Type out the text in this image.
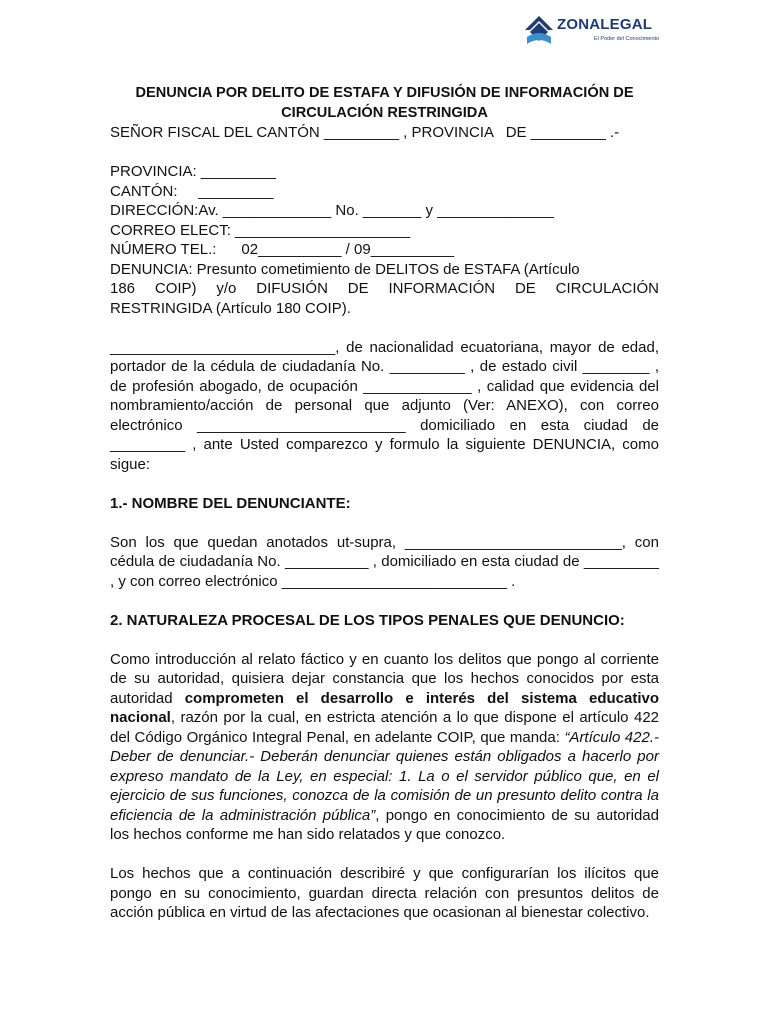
ZONALEGAL
El Poder del Conocimiento
DENUNCIA POR DELITO DE ESTAFA Y DIFUSIÓN DE INFORMACIÓN DE
CIRCULACIÓN RESTRINGIDA
SEÑOR FISCAL DEL CANTÓN _________ , PROVINCIA   DE _________ .-
PROVINCIA: _________
CANTÓN:     _________
DIRECCIÓN:Av. _____________ No. _______ y ______________
CORREO ELECT: _____________________
NÚMERO TEL.:      02__________ / 09__________
DENUNCIA: Presunto cometimiento de DELITOS de ESTAFA (Artículo
186 COIP) y/o DIFUSIÓN DE INFORMACIÓN DE CIRCULACIÓN
RESTRINGIDA (Artículo 180 COIP).

___________________________, de nacionalidad ecuatoriana, mayor de edad, portador de la cédula de ciudadanía No. _________ , de estado civil ________ , de profesión abogado, de ocupación _____________ , calidad que evidencia del nombramiento/acción de personal que adjunto (Ver: ANEXO), con correo electrónico _________________________ domiciliado en esta ciudad de _________ , ante Usted comparezco y formulo la siguiente DENUNCIA, como sigue:

1.- NOMBRE DEL DENUNCIANTE:

Son los que quedan anotados ut-supra, __________________________, con cédula de ciudadanía No. __________ , domiciliado en esta ciudad de _________ , y con correo electrónico ___________________________ .

2. NATURALEZA PROCESAL DE LOS TIPOS PENALES QUE DENUNCIO:

Como introducción al relato fáctico y en cuanto los delitos que pongo al corriente de su autoridad, quisiera dejar constancia que los hechos conocidos por esta autoridad comprometen el desarrollo e interés del sistema educativo nacional, razón por la cual, en estricta atención a lo que dispone el artículo 422 del Código Orgánico Integral Penal, en adelante COIP, que manda: “Artículo 422.- Deber de denunciar.- Deberán denunciar quienes están obligados a hacerlo por expreso mandato de la Ley, en especial: 1. La o el servidor público que, en el ejercicio de sus funciones, conozca de la comisión de un presunto delito contra la eficiencia de la administración pública”, pongo en conocimiento de su autoridad los hechos conforme me han sido relatados y que conozco.

Los hechos que a continuación describiré y que configurarían los ilícitos que pongo en su conocimiento, guardan directa relación con presuntos delitos de acción pública en virtud de las afectaciones que ocasionan al bienestar colectivo.
